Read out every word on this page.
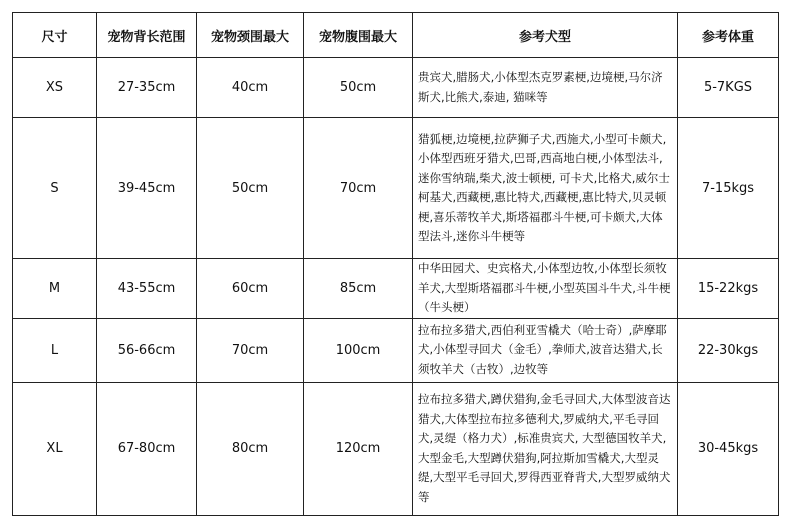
尺寸	宠物背长范围	宠物颈围最大	宠物腹围最大	参考犬型	参考体重
XS	27-35cm	40cm	50cm	贵宾犬,腊肠犬,小体型杰克罗素梗,边境梗,马尔济斯犬,比熊犬,泰迪, 猫咪等	5-7KGS
S	39-45cm	50cm	70cm	猎狐梗,边境梗,拉萨狮子犬,西施犬,小型可卡颇犬,小体型西班牙猎犬,巴哥,西高地白梗,小体型法斗,迷你雪纳瑞,柴犬,波士顿梗, 可卡犬,比格犬,威尔士柯基犬,西藏梗,惠比特犬,西藏梗,惠比特犬,贝灵顿梗,喜乐蒂牧羊犬,斯塔福郡斗牛梗,可卡颇犬,大体型法斗,迷你斗牛梗等	7-15kgs
M	43-55cm	60cm	85cm	中华田园犬、史宾格犬,小体型边牧,小体型长须牧羊犬,大型斯塔福郡斗牛梗,小型英国斗牛犬,斗牛梗（牛头梗）	15-22kgs
L	56-66cm	70cm	100cm	拉布拉多猎犬,西伯利亚雪橇犬（哈士奇）,萨摩耶犬,小体型寻回犬（金毛）,拳师犬,波音达猎犬,长须牧羊犬（古牧）,边牧等	22-30kgs
XL	67-80cm	80cm	120cm	拉布拉多猎犬,蹲伏猎狗,金毛寻回犬,大体型波音达猎犬,大体型拉布拉多德利犬,罗威纳犬,平毛寻回犬,灵缇（格力犬）,标准贵宾犬, 大型德国牧羊犬,大型金毛,大型蹲伏猎狗,阿拉斯加雪橇犬,大型灵缇,大型平毛寻回犬,罗得西亚脊背犬,大型罗威纳犬等	30-45kgs
